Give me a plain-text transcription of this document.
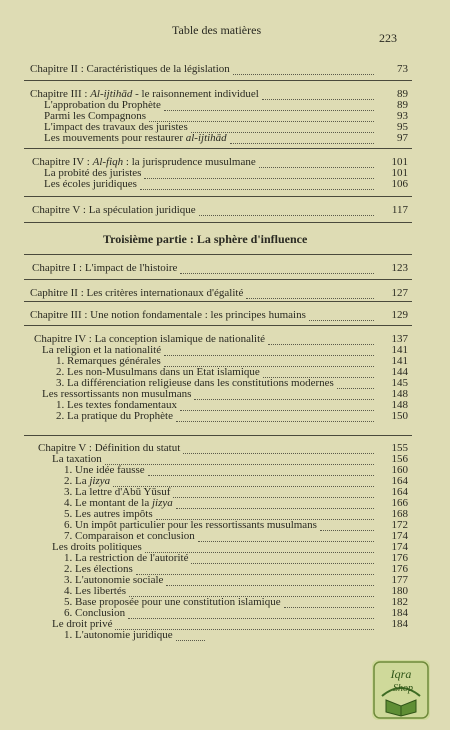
Table des matières
223
Troisième partie : La sphère d'influence
Chapitre II : Caractéristiques de la législation	73
Chapitre III : Al-ijtihād - le raisonnement individuel	89
L'approbation du Prophète	89
Parmi les Compagnons	93
L'impact des travaux des juristes	95
Les mouvements pour restaurer al-ijtihād	97
Chapitre IV : Al-fiqh : la jurisprudence musulmane	101
La probité des juristes	101
Les écoles juridiques	106
Chapitre V : La spéculation juridique	117
Chapitre I : L'impact de l'histoire	123
Caphitre II : Les critères internationaux d'égalité	127
Chapitre III : Une notion fondamentale : les principes humains	129
Chapitre IV : La conception islamique de nationalité	137
La religion et la nationalité	141
1. Remarques générales	141
2. Les non-Musulmans dans un Etat islamique	144
3. La différenciation religieuse dans les constitutions modernes	145
Les ressortissants non musulmans	148
1. Les textes fondamentaux	148
2. La pratique du Prophète	150
Chapitre V : Définition du statut	155
La taxation	156
1. Une idée fausse	160
2. La jizya	164
3. La lettre d'Abū Yūsuf	164
4. Le montant de la jizya	166
5. Les autres impôts	168
6. Un impôt particulier pour les ressortissants musulmans	172
7. Comparaison et conclusion	174
Les droits politiques	174
1. La restriction de l'autorité	176
2. Les élections	176
3. L'autonomie sociale	177
4. Les libertés	180
5. Base proposée pour une constitution islamique	182
6. Conclusion	184
Le droit privé	184
1. L'autonomie juridique
Iqra
Shop
